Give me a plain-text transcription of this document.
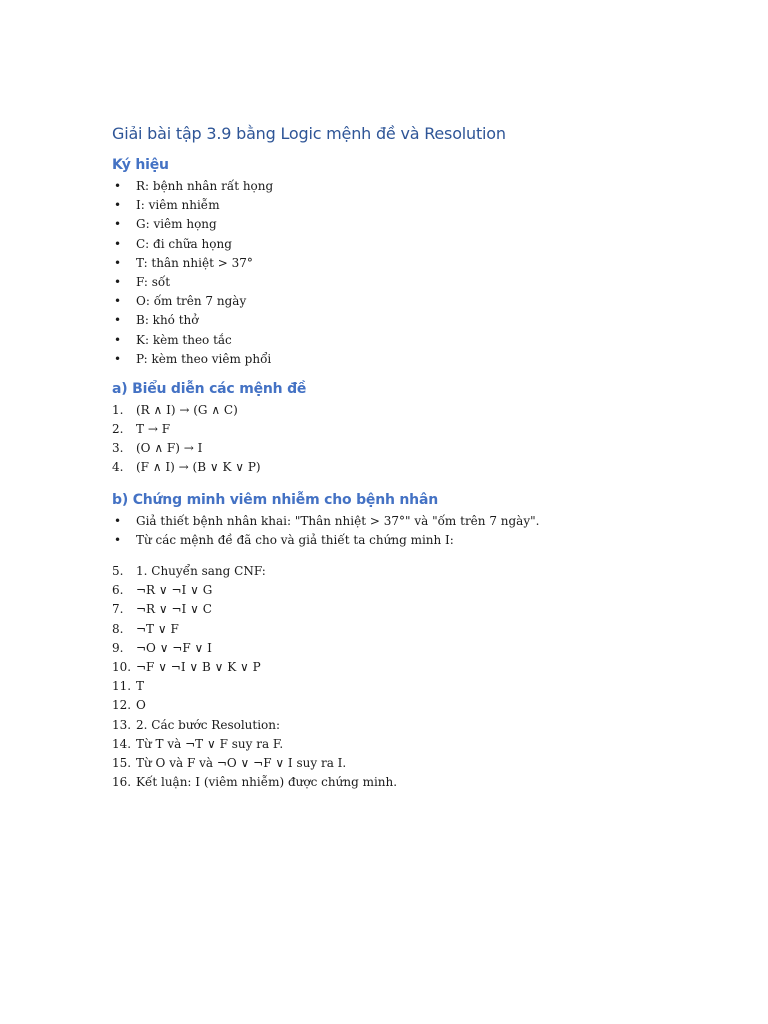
Giải bài tập 3.9 bằng Logic mệnh đề và Resolution
Ký hiệu
• R: bệnh nhân rất họng
• I: viêm nhiễm
• G: viêm họng
• C: đi chữa họng
• T: thân nhiệt > 37°
• F: sốt
• O: ốm trên 7 ngày
• B: khó thở
• K: kèm theo tắc
• P: kèm theo viêm phổi
a) Biểu diễn các mệnh đề
1. (R ∧ I) → (G ∧ C)
2. T → F
3. (O ∧ F) → I
4. (F ∧ I) → (B ∨ K ∨ P)
b) Chứng minh viêm nhiễm cho bệnh nhân
• Giả thiết bệnh nhân khai: "Thân nhiệt > 37°" và "ốm trên 7 ngày".
• Từ các mệnh đề đã cho và giả thiết ta chứng minh I:
5. 1. Chuyển sang CNF:
6. ¬R ∨ ¬I ∨ G
7. ¬R ∨ ¬I ∨ C
8. ¬T ∨ F
9. ¬O ∨ ¬F ∨ I
10. ¬F ∨ ¬I ∨ B ∨ K ∨ P
11. T
12. O
13. 2. Các bước Resolution:
14. Từ T và ¬T ∨ F suy ra F.
15. Từ O và F và ¬O ∨ ¬F ∨ I suy ra I.
16. Kết luận: I (viêm nhiễm) được chứng minh.
